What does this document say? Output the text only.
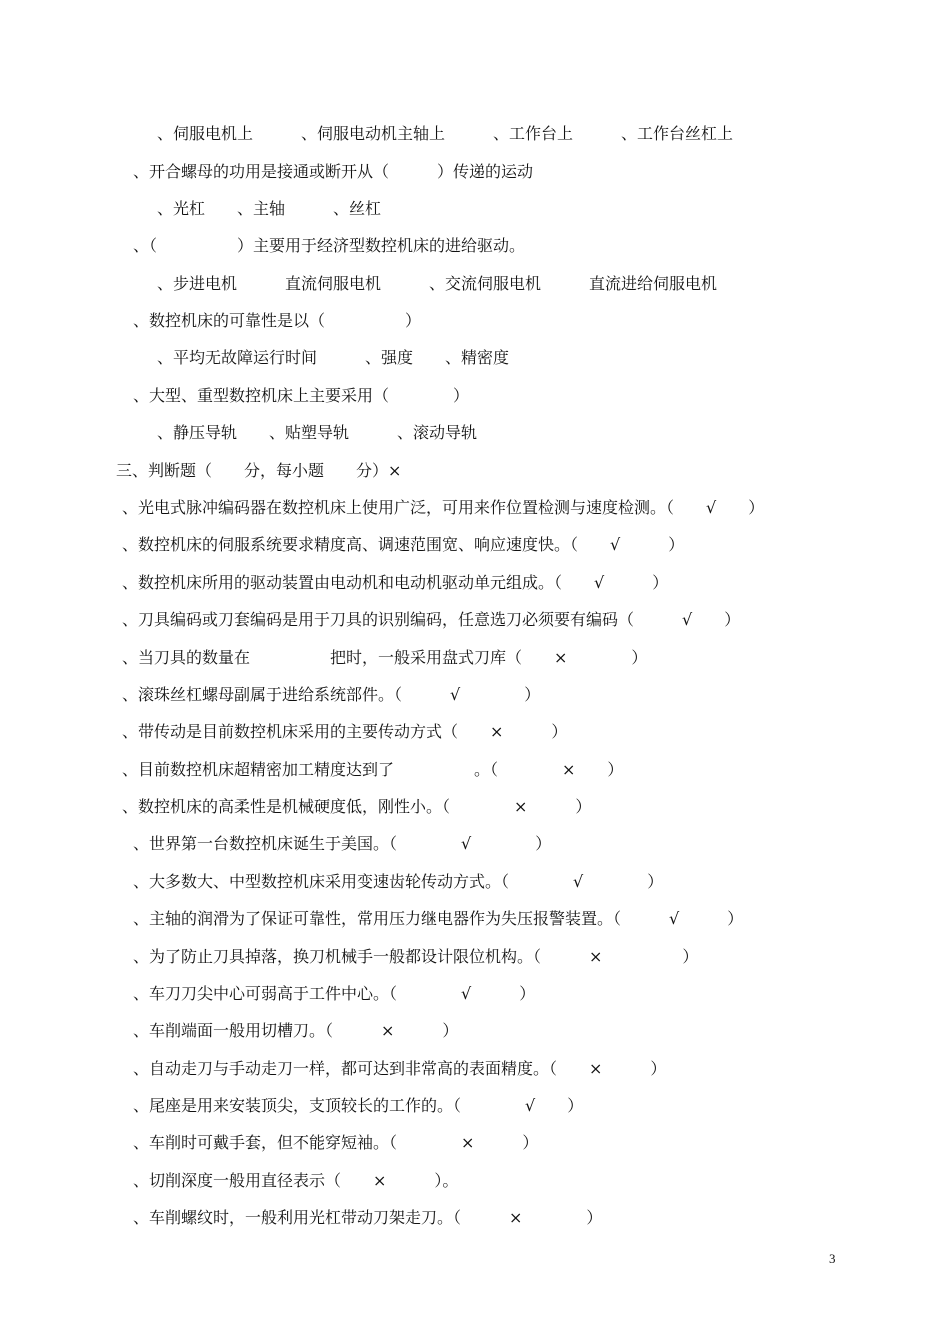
、伺服电机上　　　、伺服电动机主轴上　　　、工作台上　　　、工作台丝杠上
、开合螺母的功用是接通或断开从（　　　）传递的运动
、光杠　　、主轴　　　、丝杠
、（　　　　　）主要用于经济型数控机床的进给驱动。
、步进电机　　　直流伺服电机　　　、交流伺服电机　　　直流进给伺服电机
、数控机床的可靠性是以（　　　　　）
、平均无故障运行时间　　　、强度　　、精密度
、大型、重型数控机床上主要采用（　　　　）
、静压导轨　　、贴塑导轨　　　、滚动导轨
三、判断题（　　分，每小题　　分）×
、光电式脉冲编码器在数控机床上使用广泛，可用来作位置检测与速度检测。（　　√　　）
、数控机床的伺服系统要求精度高、调速范围宽、响应速度快。（　　√　　　）
、数控机床所用的驱动装置由电动机和电动机驱动单元组成。（　　√　　　）
、刀具编码或刀套编码是用于刀具的识别编码，任意选刀必须要有编码（　　　√　　）
、当刀具的数量在　　　　　把时，一般采用盘式刀库（　　×　　　　）
、滚珠丝杠螺母副属于进给系统部件。（　　　√　　　　）
、带传动是目前数控机床采用的主要传动方式（　　×　　　）
、目前数控机床超精密加工精度达到了　　　　　。（　　　　×　　）
、数控机床的高柔性是机械硬度低，刚性小。（　　　　×　　　）
、世界第一台数控机床诞生于美国。（　　　　√　　　　）
、大多数大、中型数控机床采用变速齿轮传动方式。（　　　　√　　　　）
、主轴的润滑为了保证可靠性，常用压力继电器作为失压报警装置。（　　　√　　　）
、为了防止刀具掉落，换刀机械手一般都设计限位机构。（　　　×　　　　　）
、车刀刀尖中心可弱高于工件中心。（　　　　√　　　）
、车削端面一般用切槽刀。（　　　×　　　）
、自动走刀与手动走刀一样，都可达到非常高的表面精度。（　　×　　　）
、尾座是用来安装顶尖，支顶较长的工作的。（　　　　√　　）
、车削时可戴手套，但不能穿短袖。（　　　　×　　　）
、切削深度一般用直径表示（　　×　　　）。
、车削螺纹时，一般利用光杠带动刀架走刀。（　　　×　　　　）
3
